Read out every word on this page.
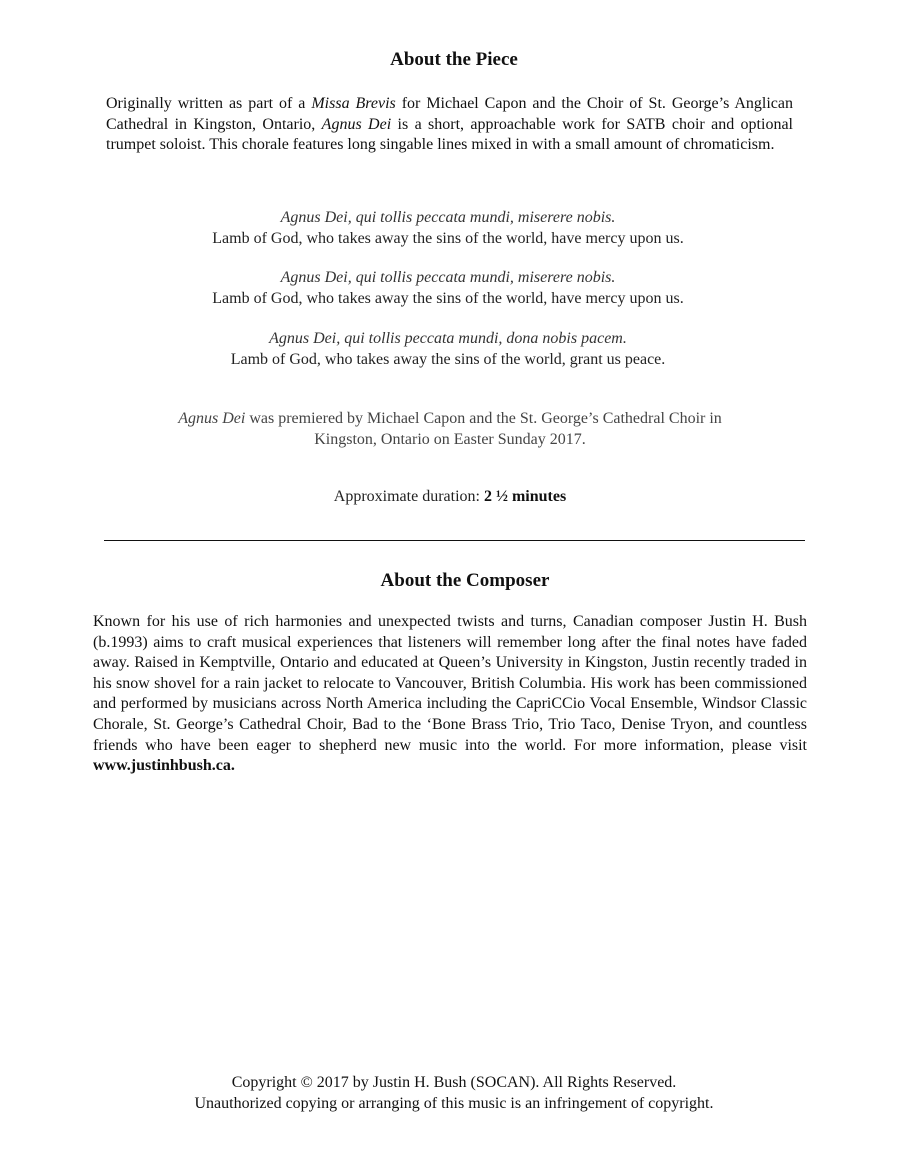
About the Piece

Originally written as part of a Missa Brevis for Michael Capon and the Choir of St. George’s Anglican Cathedral in Kingston, Ontario, Agnus Dei is a short, approachable work for SATB choir and optional trumpet soloist. This chorale features long singable lines mixed in with a small amount of chromaticism.

Agnus Dei, qui tollis peccata mundi, miserere nobis.
Lamb of God, who takes away the sins of the world, have mercy upon us.
Agnus Dei, qui tollis peccata mundi, miserere nobis.
Lamb of God, who takes away the sins of the world, have mercy upon us.
Agnus Dei, qui tollis peccata mundi, dona nobis pacem.
Lamb of God, who takes away the sins of the world, grant us peace.

Agnus Dei was premiered by Michael Capon and the St. George’s Cathedral Choir in
Kingston, Ontario on Easter Sunday 2017.

Approximate duration: 2 ½ minutes

About the Composer

Known for his use of rich harmonies and unexpected twists and turns, Canadian composer Justin H. Bush (b.1993) aims to craft musical experiences that listeners will remember long after the final notes have faded away. Raised in Kemptville, Ontario and educated at Queen’s University in Kingston, Justin recently traded in his snow shovel for a rain jacket to relocate to Vancouver, British Columbia. His work has been commissioned and performed by musicians across North America including the CapriCCio Vocal Ensemble, Windsor Classic Chorale, St. George’s Cathedral Choir, Bad to the ‘Bone Brass Trio, Trio Taco, Denise Tryon, and countless friends who have been eager to shepherd new music into the world. For more information, please visit www.justinhbush.ca.

Copyright © 2017 by Justin H. Bush (SOCAN). All Rights Reserved.
Unauthorized copying or arranging of this music is an infringement of copyright.
